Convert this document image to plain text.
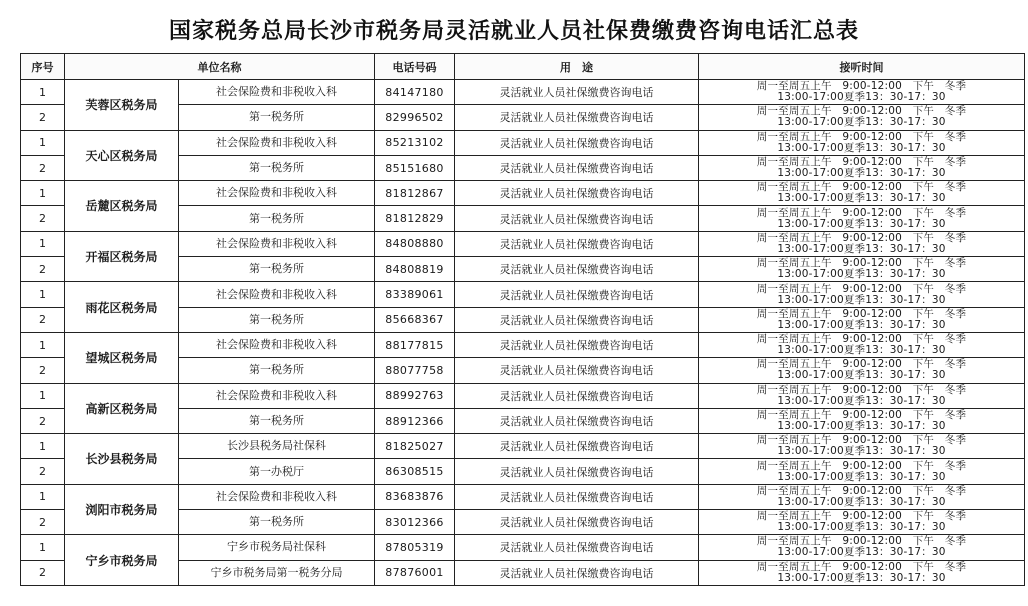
国家税务总局长沙市税务局灵活就业人员社保费缴费咨询电话汇总表
序号	单位名称		电话号码	用　途	接听时间
1	芙蓉区税务局	社会保险费和非税收入科	84147180	灵活就业人员社保缴费咨询电话	周一至周五上午　9:00-12:00　下午　冬季
13:00-17:00夏季13：30-17：30

2		第一税务所	82996502	灵活就业人员社保缴费咨询电话	周一至周五上午　9:00-12:00　下午　冬季
13:00-17:00夏季13：30-17：30

1	天心区税务局	社会保险费和非税收入科	85213102	灵活就业人员社保缴费咨询电话	周一至周五上午　9:00-12:00　下午　冬季
13:00-17:00夏季13：30-17：30

2		第一税务所	85151680	灵活就业人员社保缴费咨询电话	周一至周五上午　9:00-12:00　下午　冬季
13:00-17:00夏季13：30-17：30

1	岳麓区税务局	社会保险费和非税收入科	81812867	灵活就业人员社保缴费咨询电话	周一至周五上午　9:00-12:00　下午　冬季
13:00-17:00夏季13：30-17：30

2		第一税务所	81812829	灵活就业人员社保缴费咨询电话	周一至周五上午　9:00-12:00　下午　冬季
13:00-17:00夏季13：30-17：30

1	开福区税务局	社会保险费和非税收入科	84808880	灵活就业人员社保缴费咨询电话	周一至周五上午　9:00-12:00　下午　冬季
13:00-17:00夏季13：30-17：30

2		第一税务所	84808819	灵活就业人员社保缴费咨询电话	周一至周五上午　9:00-12:00　下午　冬季
13:00-17:00夏季13：30-17：30

1	雨花区税务局	社会保险费和非税收入科	83389061	灵活就业人员社保缴费咨询电话	周一至周五上午　9:00-12:00　下午　冬季
13:00-17:00夏季13：30-17：30

2		第一税务所	85668367	灵活就业人员社保缴费咨询电话	周一至周五上午　9:00-12:00　下午　冬季
13:00-17:00夏季13：30-17：30

1	望城区税务局	社会保险费和非税收入科	88177815	灵活就业人员社保缴费咨询电话	周一至周五上午　9:00-12:00　下午　冬季
13:00-17:00夏季13：30-17：30

2		第一税务所	88077758	灵活就业人员社保缴费咨询电话	周一至周五上午　9:00-12:00　下午　冬季
13:00-17:00夏季13：30-17：30

1	高新区税务局	社会保险费和非税收入科	88992763	灵活就业人员社保缴费咨询电话	周一至周五上午　9:00-12:00　下午　冬季
13:00-17:00夏季13：30-17：30

2		第一税务所	88912366	灵活就业人员社保缴费咨询电话	周一至周五上午　9:00-12:00　下午　冬季
13:00-17:00夏季13：30-17：30

1	长沙县税务局	长沙县税务局社保科	81825027	灵活就业人员社保缴费咨询电话	周一至周五上午　9:00-12:00　下午　冬季
13:00-17:00夏季13：30-17：30

2		第一办税厅	86308515	灵活就业人员社保缴费咨询电话	周一至周五上午　9:00-12:00　下午　冬季
13:00-17:00夏季13：30-17：30

1	浏阳市税务局	社会保险费和非税收入科	83683876	灵活就业人员社保缴费咨询电话	周一至周五上午　9:00-12:00　下午　冬季
13:00-17:00夏季13：30-17：30

2		第一税务所	83012366	灵活就业人员社保缴费咨询电话	周一至周五上午　9:00-12:00　下午　冬季
13:00-17:00夏季13：30-17：30

1	宁乡市税务局	宁乡市税务局社保科	87805319	灵活就业人员社保缴费咨询电话	周一至周五上午　9:00-12:00　下午　冬季
13:00-17:00夏季13：30-17：30

2		宁乡市税务局第一税务分局	87876001	灵活就业人员社保缴费咨询电话	周一至周五上午　9:00-12:00　下午　冬季
13:00-17:00夏季13：30-17：30
